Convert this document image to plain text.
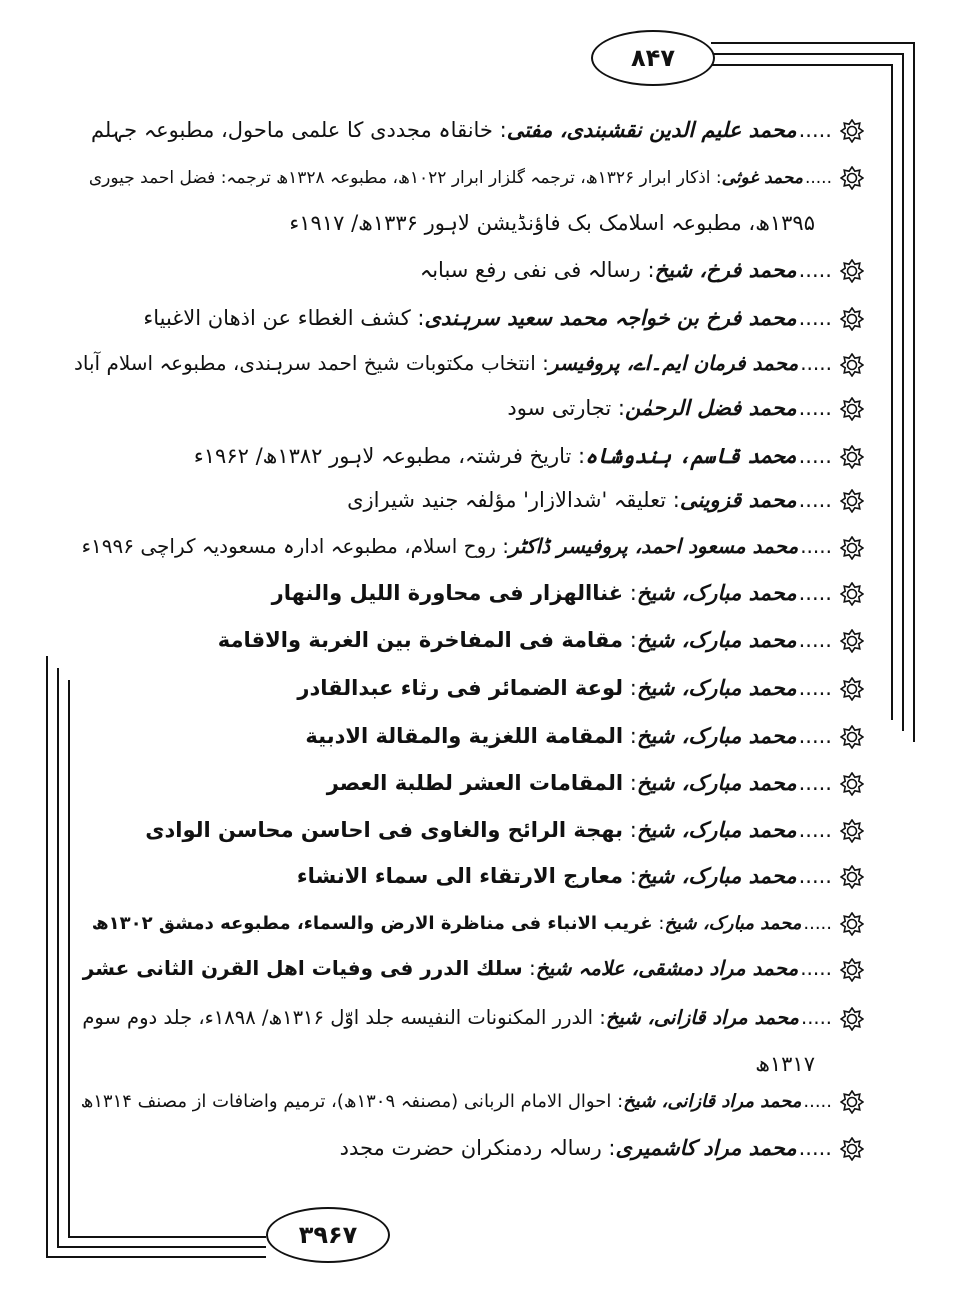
۸۴۷
۳۹۶۷
.....محمد علیم الدین نقشبندی، مفتی: خانقاہ مجددی کا علمی ماحول، مطبوعہ جہلم
.....محمد غوثی: اذکار ابرار ۱۳۲۶ھ، ترجمہ گلزار ابرار ۱۰۲۲ھ، مطبوعہ ۱۳۲۸ھ ترجمہ: فضل احمد جیوری
۱۳۹۵ھ، مطبوعہ اسلامک بک فاؤنڈیشن لاہور ۱۳۳۶ھ/ ۱۹۱۷ء
.....محمد فرخ، شیخ: رسالہ فی نفی رفع سبابہ
.....محمد فرخ بن خواجہ محمد سعید سرہندی: كشف الغطاء عن اذهان الاغبياء
.....محمد فرمان ایم۔اے، پروفیسر: انتخاب مکتوبات شیخ احمد سرہندی، مطبوعہ اسلام آباد
.....محمد فضل الرحمٰن: تجارتی سود
.....محمد قاسم، ہندوشاہ: تاریخ فرشتہ، مطبوعہ لاہور ۱۳۸۲ھ/ ۱۹۶۲ء
.....محمد قزوینی: تعلیقہ 'شدالازار' مؤلفہ جنید شیرازی
.....محمد مسعود احمد، پروفیسر ڈاکٹر: روح اسلام، مطبوعہ ادارہ مسعودیہ کراچی ۱۹۹۶ء
.....محمد مبارک، شیخ: غناالهزار فى محاورة الليل والنهار
.....محمد مبارک، شیخ: مقامة فى المفاخرة بين الغربة والاقامة
.....محمد مبارک، شیخ: لوعة الضمائر فى رثاء عبدالقادر
.....محمد مبارک، شیخ: المقامة اللغزية والمقالة الادبية
.....محمد مبارک، شیخ: المقامات العشر لطلبة العصر
.....محمد مبارک، شیخ: بهجة الرائح والغاوى فى احاسن محاسن الوادى
.....محمد مبارک، شیخ: معارج الارتقاء الى سماء الانشاء
.....محمد مبارک، شیخ: غريب الانباء فى مناظرة الارض والسماء، مطبوعه دمشق ۱۳۰۲ھ
.....محمد مراد دمشقی، علامہ شیخ: سلك الدرر فى وفيات اهل القرن الثانى عشر
.....محمد مراد قازانی، شیخ: الدرر المكنونات النفيسه جلد اوّل ۱۳۱۶ھ/ ۱۸۹۸ء، جلد دوم سوم
۱۳۱۷ھ
.....محمد مراد قازانی، شیخ: احوال الامام الربانی (مصنفہ ۱۳۰۹ھ)، ترمیم واضافات از مصنف ۱۳۱۴ھ
.....محمد مراد کاشمیری: رسالہ ردمنکران حضرت مجدد
